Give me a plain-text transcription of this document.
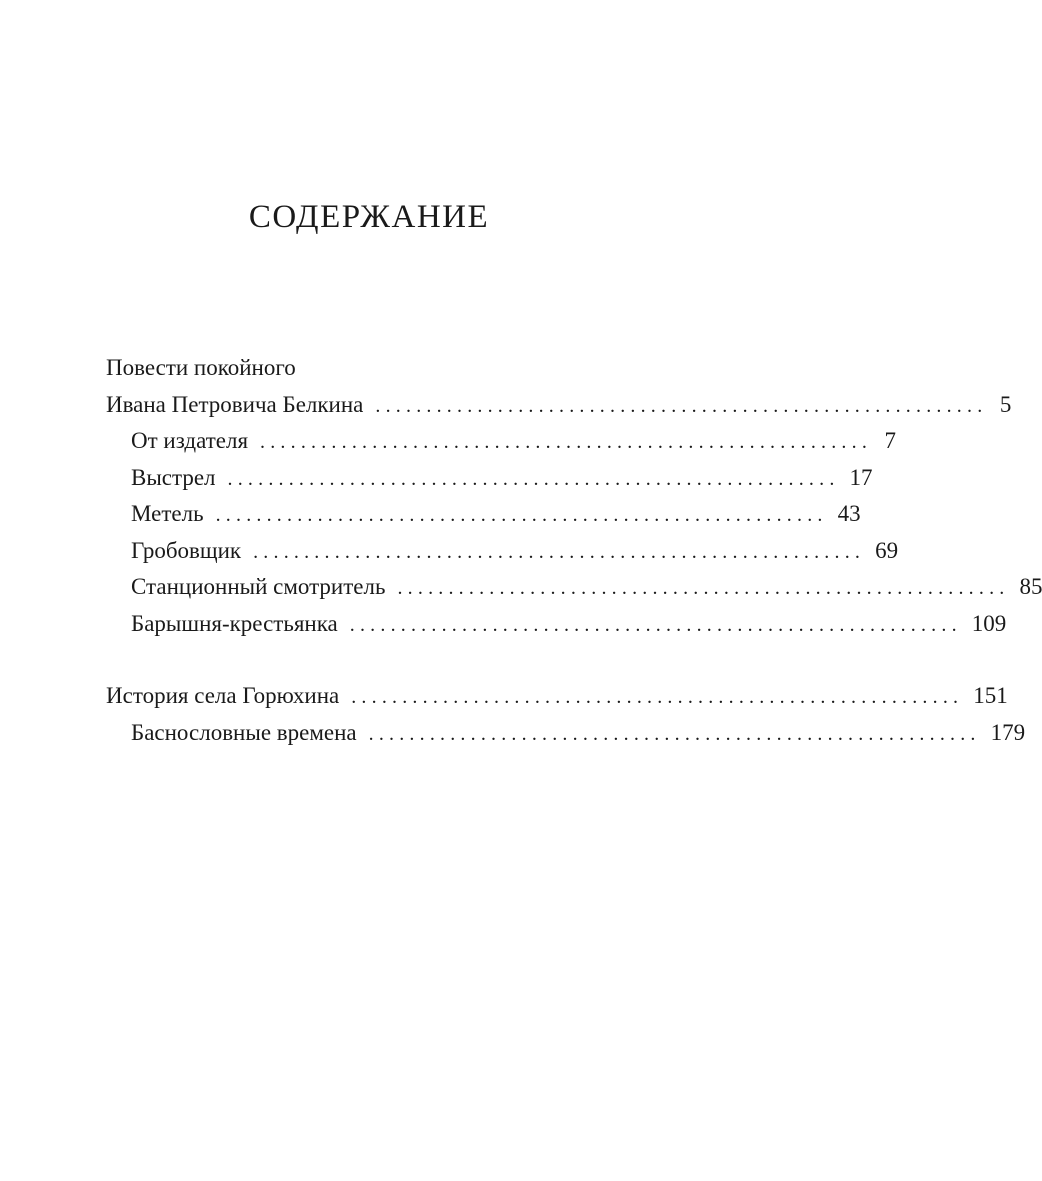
СОДЕРЖАНИЕ
Повести покойного
Ивана Петровича Белкина ............................................................ 5
От издателя ............................................................ 7
Выстрел ............................................................ 17
Метель ............................................................ 43
Гробовщик ............................................................ 69
Станционный смотритель ............................................................ 85
Барышня-крестьянка ............................................................ 109
История села Горюхина ............................................................ 151
Баснословные времена ............................................................ 179
